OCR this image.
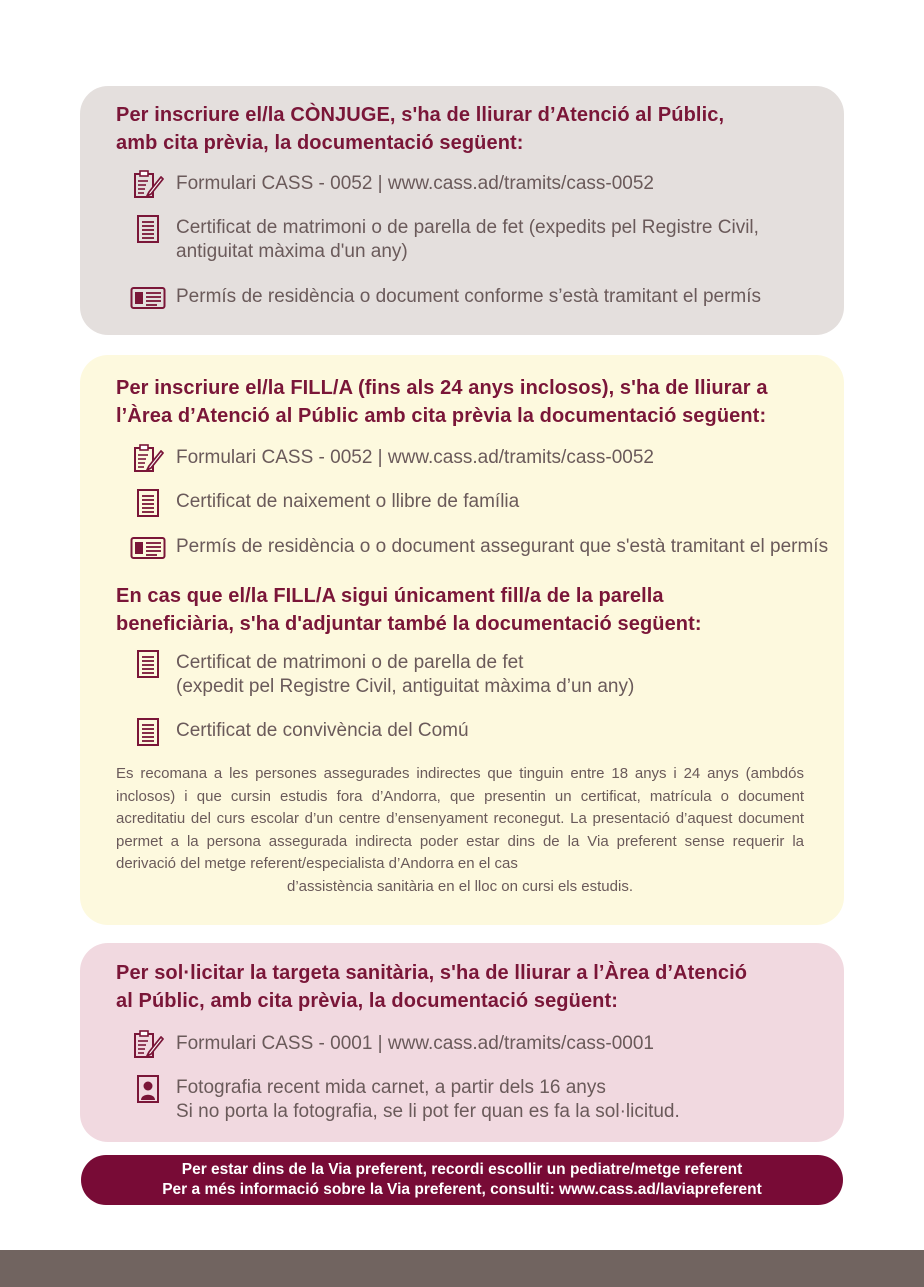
Per inscriure el/la CÒNJUGE, s'ha de lliurar d’Atenció al Públic,
amb cita prèvia, la documentació següent:
Formulari CASS - 0052 | www.cass.ad/tramits/cass-0052
Certificat de matrimoni o de parella de fet (expedits pel Registre Civil,
antiguitat màxima d'un any)
Permís de residència o document conforme s’està tramitant el permís
Per inscriure el/la FILL/A (fins als 24 anys inclosos), s'ha de lliurar a
l’Àrea d’Atenció al Públic amb cita prèvia la documentació següent:
Formulari CASS - 0052 | www.cass.ad/tramits/cass-0052
Certificat de naixement o llibre de família
Permís de residència o o document assegurant que s'està tramitant el permís
En cas que el/la FILL/A sigui únicament fill/a de la parella
beneficiària, s'ha d'adjuntar també la documentació següent:
Certificat de matrimoni o de parella de fet
(expedit pel Registre Civil, antiguitat màxima d’un any)
Certificat de convivència del Comú
Es recomana a les persones assegurades indirectes que tinguin entre 18 anys i 24 anys (ambdós inclosos) i que cursin estudis fora d’Andorra, que presentin un certificat, matrícula o document acreditatiu del curs escolar d’un centre d’ensenyament reconegut. La presentació d’aquest document permet a la persona assegurada indirecta poder estar dins de la Via preferent sense requerir la derivació del metge referent/especialista d’Andorra en el cas
d’assistència sanitària en el lloc on cursi els estudis.
Per sol·licitar la targeta sanitària, s'ha de lliurar a l’Àrea d’Atenció
al Públic, amb cita prèvia, la documentació següent:
Formulari CASS - 0001 | www.cass.ad/tramits/cass-0001
Fotografia recent mida carnet, a partir dels 16 anys
Si no porta la fotografia, se li pot fer quan es fa la sol·licitud.
Per estar dins de la Via preferent, recordi escollir un pediatre/metge referent
Per a més informació sobre la Via preferent, consulti: www.cass.ad/laviapreferent
